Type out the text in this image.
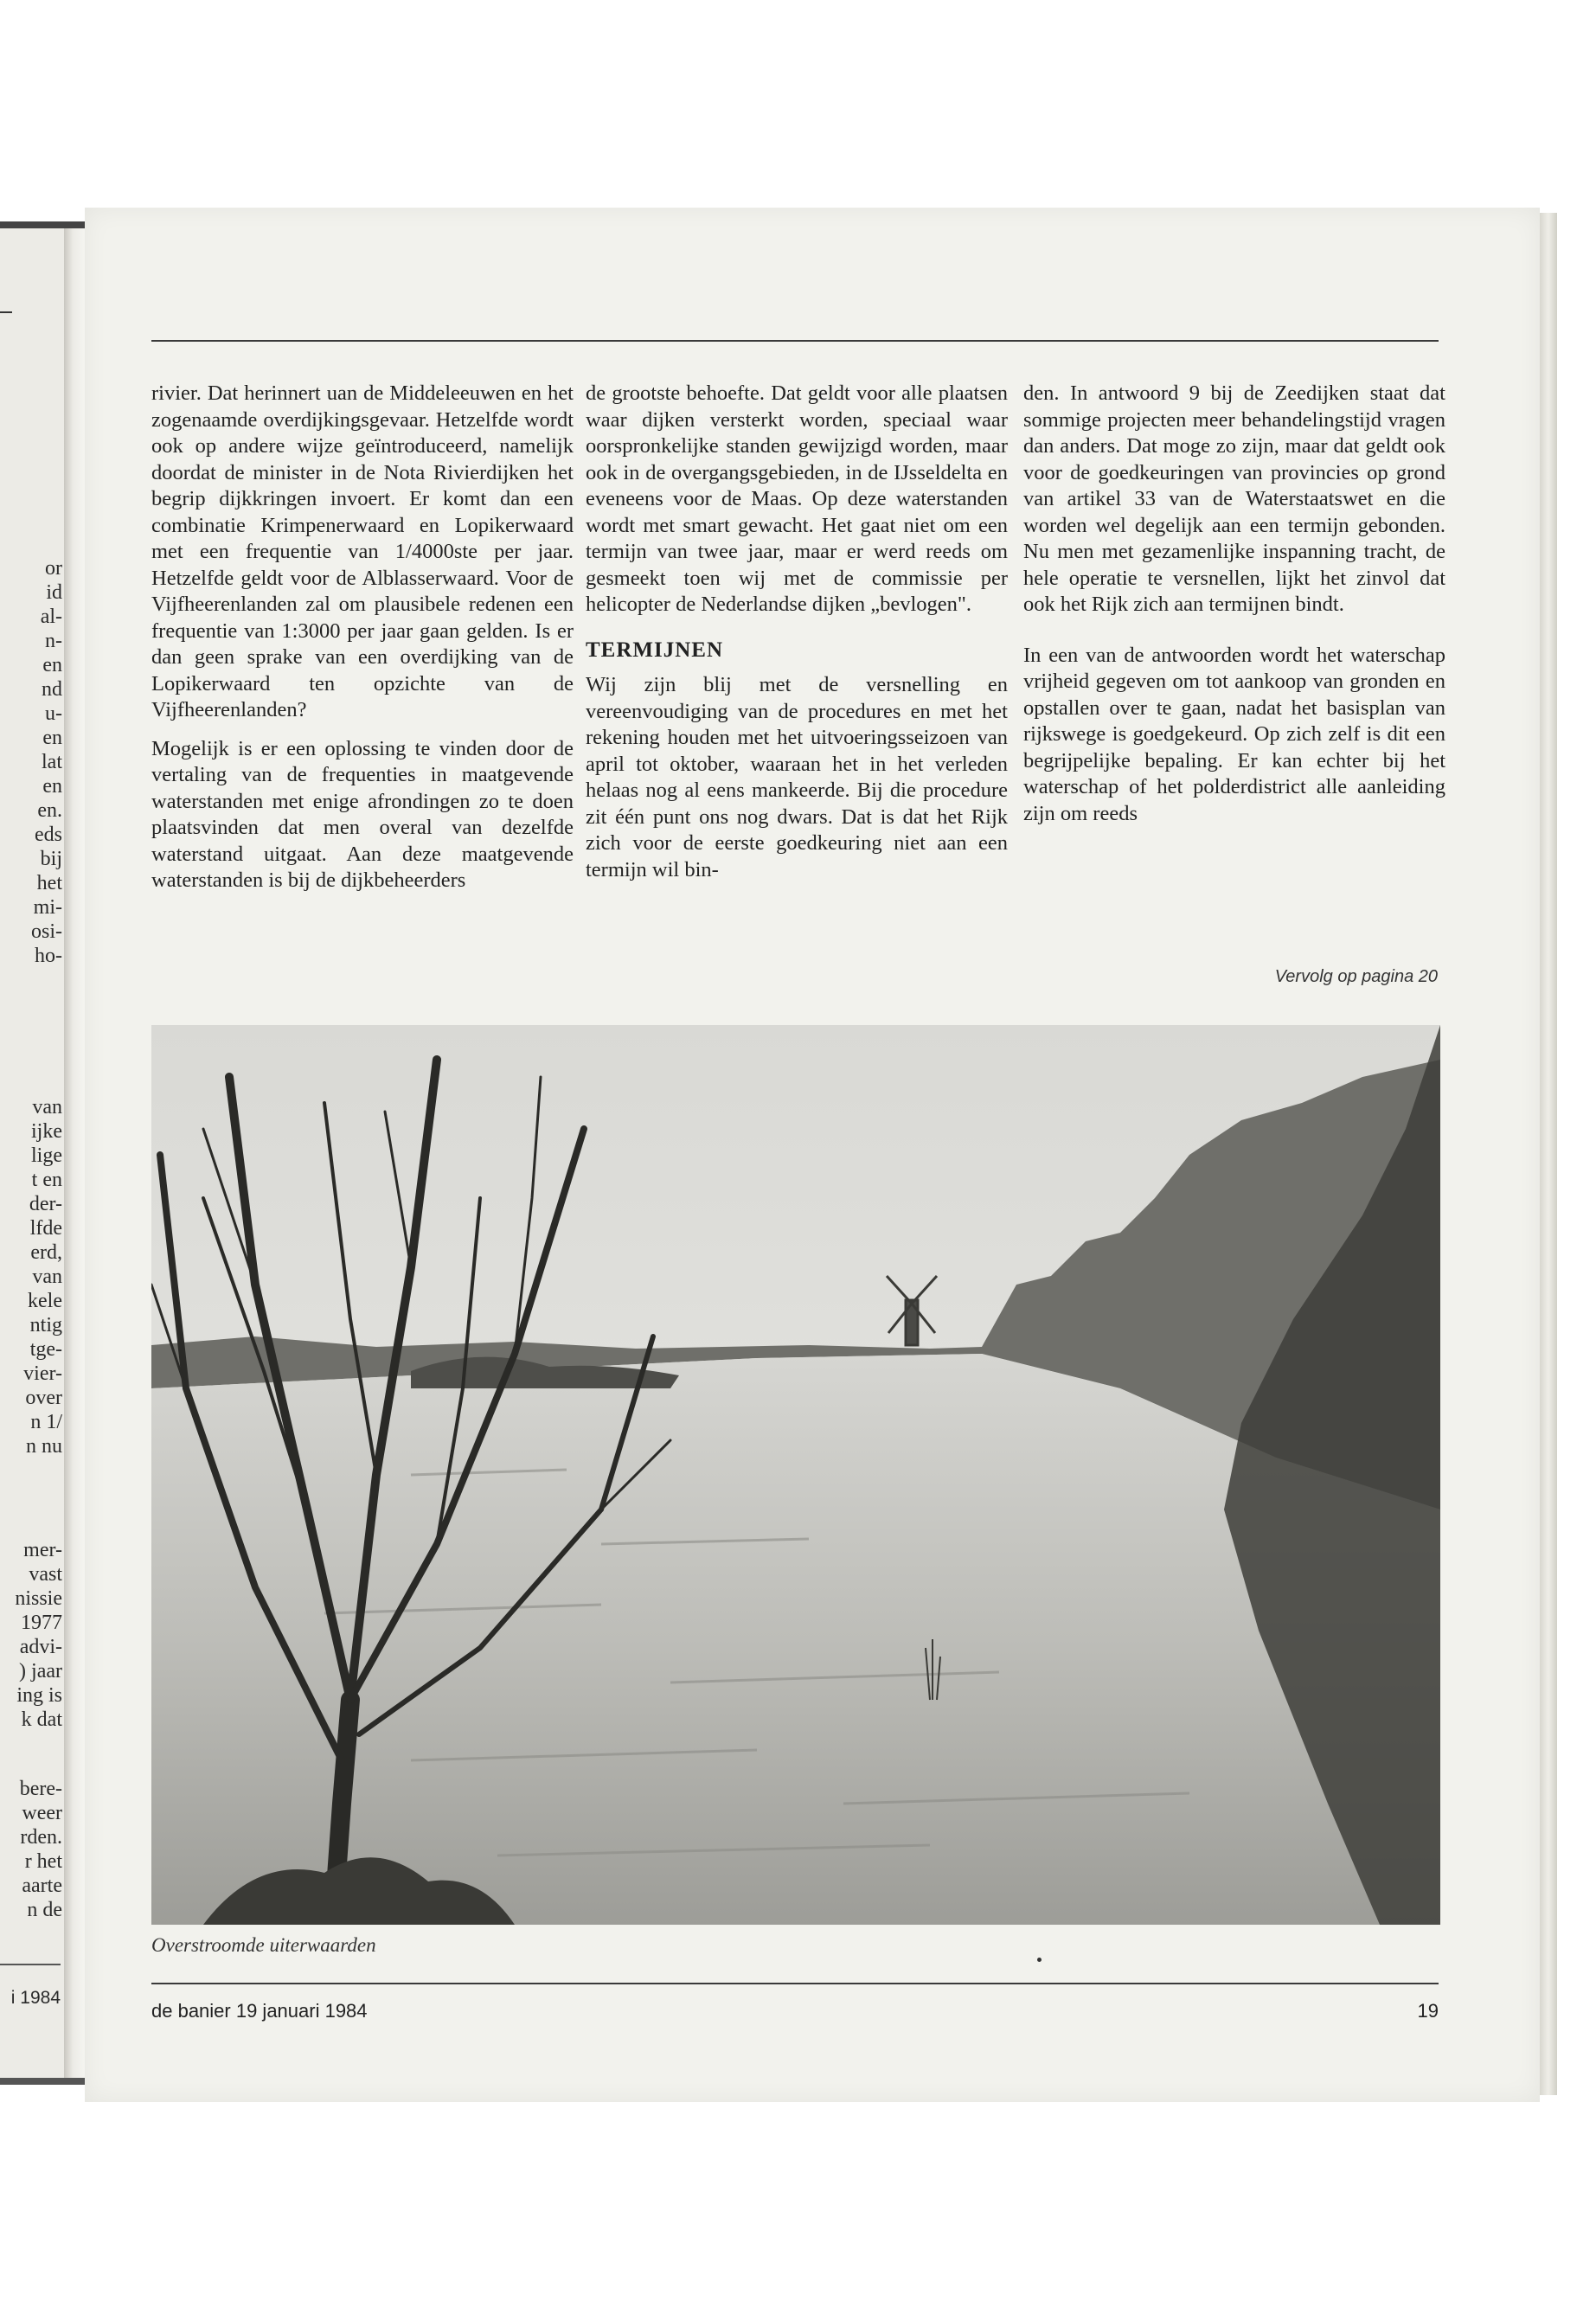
or
id
al-
n-
en
nd
u-
en
lat
en
en.
eds
bij
het
mi-
osi-
ho-
van
ijke
lige
t en
der-
lfde
erd,
van
kele
ntig
tge-
vier-
over
n 1/
n nu
mer-
vast
nissie
1977
advi-
) jaar
ing is
k dat
bere-
weer
rden.
r het
aarte
n de
i 1984

rivier. Dat herinnert uan de Middeleeuwen en het zogenaamde overdijkingsgevaar. Hetzelfde wordt ook op andere wijze geïntroduceerd, namelijk doordat de minister in de Nota Rivierdijken het begrip dijkkringen invoert. Er komt dan een combinatie Krimpenerwaard en Lopikerwaard met een frequentie van 1/4000ste per jaar. Hetzelfde geldt voor de Alblasserwaard. Voor de Vijfheerenlanden zal om plausibele redenen een frequentie van 1:3000 per jaar gaan gelden. Is er dan geen sprake van een overdijking van de Lopikerwaard ten opzichte van de Vijfheerenlanden?

Mogelijk is er een oplossing te vinden door de vertaling van de frequenties in maatgevende waterstanden met enige afrondingen zo te doen plaatsvinden dat men overal van dezelfde waterstand uitgaat. Aan deze maatgevende waterstanden is bij de dijkbeheerders

de grootste behoefte. Dat geldt voor alle plaatsen waar dijken versterkt worden, speciaal waar oorspronkelijke standen gewijzigd worden, maar ook in de overgangsgebieden, in de IJsseldelta en eveneens voor de Maas. Op deze waterstanden wordt met smart gewacht. Het gaat niet om een termijn van twee jaar, maar er werd reeds om gesmeekt toen wij met de commissie per helicopter de Nederlandse dijken „bevlogen".

TERMIJNEN

Wij zijn blij met de versnelling en vereenvoudiging van de procedures en met het rekening houden met het uitvoeringsseizoen van april tot oktober, waaraan het in het verleden helaas nog al eens mankeerde. Bij die procedure zit één punt ons nog dwars. Dat is dat het Rijk zich voor de eerste goedkeuring niet aan een termijn wil bin-

den. In antwoord 9 bij de Zeedijken staat dat sommige projecten meer behandelingstijd vragen dan anders. Dat moge zo zijn, maar dat geldt ook voor de goedkeuringen van provincies op grond van artikel 33 van de Waterstaatswet en die worden wel degelijk aan een termijn gebonden. Nu men met gezamenlijke inspanning tracht, de hele operatie te versnellen, lijkt het zinvol dat ook het Rijk zich aan termijnen bindt.

In een van de antwoorden wordt het waterschap vrijheid gegeven om tot aankoop van gronden en opstallen over te gaan, nadat het basisplan van rijkswege is goedgekeurd. Op zich zelf is dit een begrijpelijke bepaling. Er kan echter bij het waterschap of het polderdistrict alle aanleiding zijn om reeds

Vervolg op pagina 20
Overstroomde uiterwaarden
de banier 19 januari 1984	19
